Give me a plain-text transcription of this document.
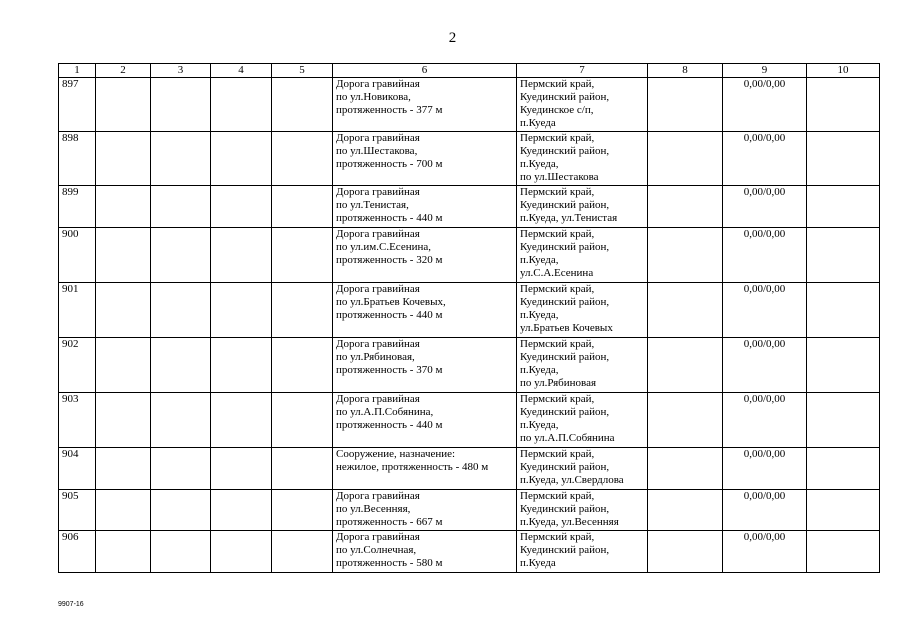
2
1	2	3	4	5	6	7	8	9	10
897					Дорога гравийная
по ул.Новикова,
протяженность - 377 м	Пермский край,
Куединский район,
Куединское с/п,
п.Куеда		0,00/0,00	
898					Дорога гравийная
по ул.Шестакова,
протяженность - 700 м	Пермский край,
Куединский район,
п.Куеда,
по ул.Шестакова		0,00/0,00	
899					Дорога гравийная
по ул.Тенистая,
протяженность - 440 м	Пермский край,
Куединский район,
п.Куеда, ул.Тенистая		0,00/0,00	
900					Дорога гравийная
по ул.им.С.Есенина,
протяженность - 320 м	Пермский край,
Куединский район,
п.Куеда,
ул.С.А.Есенина		0,00/0,00	
901					Дорога гравийная
по ул.Братьев Кочевых,
протяженность - 440 м	Пермский край,
Куединский район,
п.Куеда,
ул.Братьев Кочевых		0,00/0,00	
902					Дорога гравийная
по ул.Рябиновая,
протяженность - 370 м	Пермский край,
Куединский район,
п.Куеда,
по ул.Рябиновая		0,00/0,00	
903					Дорога гравийная
по ул.А.П.Собянина,
протяженность - 440 м	Пермский край,
Куединский район,
п.Куеда,
по ул.А.П.Собянина		0,00/0,00	
904					Сооружение, назначение:
нежилое, протяженность - 480 м	Пермский край,
Куединский район,
п.Куеда, ул.Свердлова		0,00/0,00	
905					Дорога гравийная
по ул.Весенняя,
протяженность - 667 м	Пермский край,
Куединский район,
п.Куеда, ул.Весенняя		0,00/0,00	
906					Дорога гравийная
по ул.Солнечная,
протяженность - 580 м	Пермский край,
Куединский район,
п.Куеда		0,00/0,00	
9907-16
